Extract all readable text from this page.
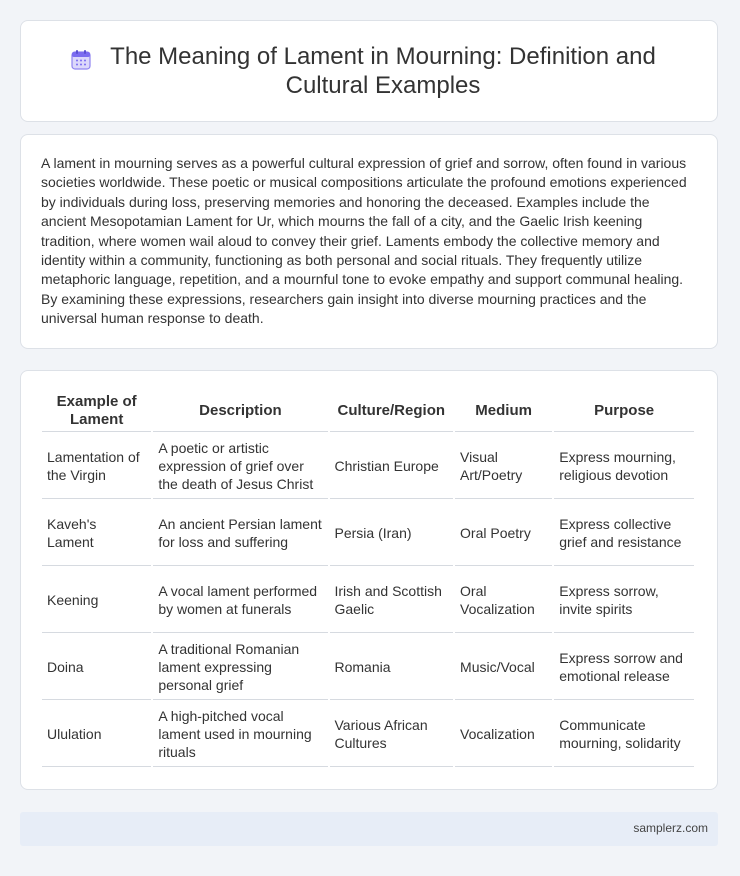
The Meaning of Lament in Mourning: Definition and Cultural Examples

A lament in mourning serves as a powerful cultural expression of grief and sorrow, often found in various societies worldwide. These poetic or musical compositions articulate the profound emotions experienced by individuals during loss, preserving memories and honoring the deceased. Examples include the ancient Mesopotamian Lament for Ur, which mourns the fall of a city, and the Gaelic Irish keening tradition, where women wail aloud to convey their grief. Laments embody the collective memory and identity within a community, functioning as both personal and social rituals. They frequently utilize metaphoric language, repetition, and a mournful tone to evoke empathy and support communal healing. By examining these expressions, researchers gain insight into diverse mourning practices and the universal human response to death.

Example of Lament	Description	Culture/Region	Medium	Purpose
Lamentation of the Virgin	A poetic or artistic expression of grief over the death of Jesus Christ	Christian Europe	Visual Art/Poetry	Express mourning, religious devotion
Kaveh's Lament	An ancient Persian lament for loss and suffering	Persia (Iran)	Oral Poetry	Express collective grief and resistance
Keening	A vocal lament performed by women at funerals	Irish and Scottish Gaelic	Oral Vocalization	Express sorrow, invite spirits
Doina	A traditional Romanian lament expressing personal grief	Romania	Music/Vocal	Express sorrow and emotional release
Ululation	A high-pitched vocal lament used in mourning rituals	Various African Cultures	Vocalization	Communicate mourning, solidarity
samplerz.com
